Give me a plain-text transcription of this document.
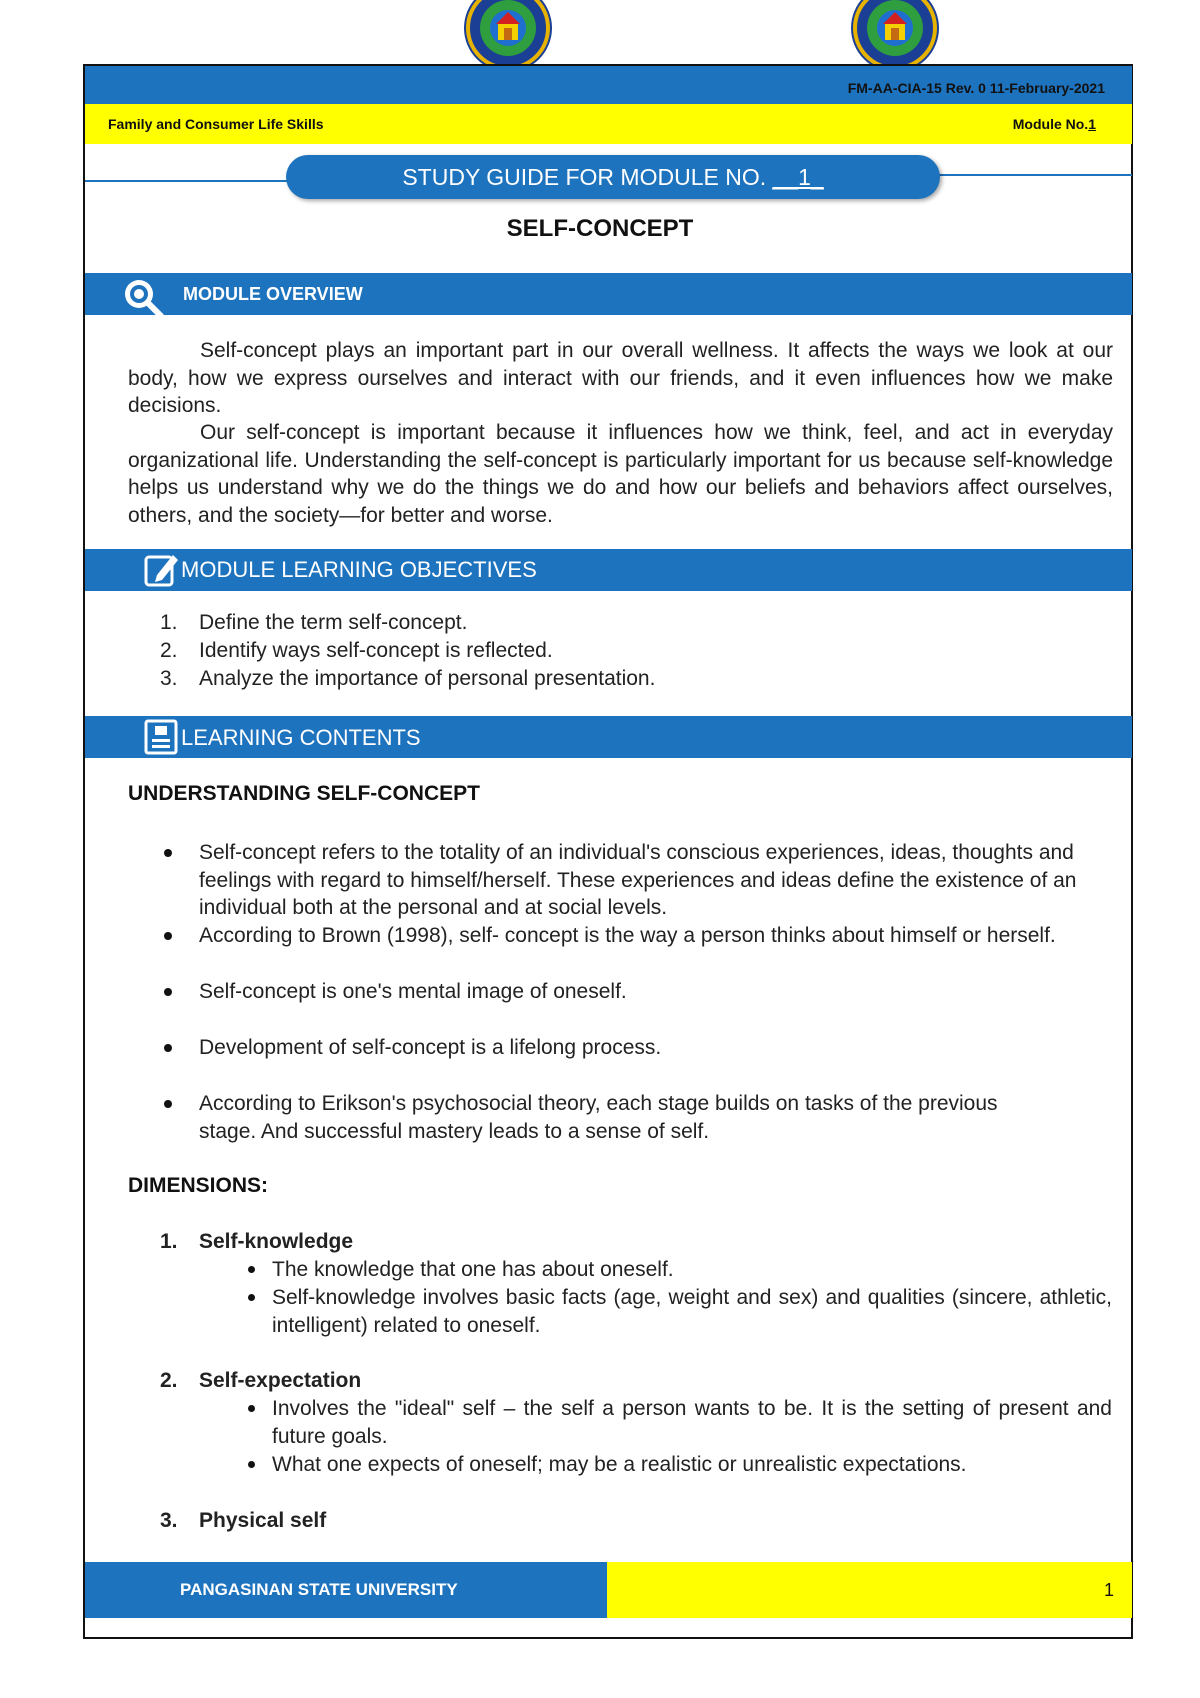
FM-AA-CIA-15 Rev. 0 11-February-2021
Family and Consumer Life Skills	Module No.1
STUDY GUIDE FOR MODULE NO. __1_
SELF-CONCEPT
MODULE OVERVIEW
Self-concept plays an important part in our overall wellness. It affects the ways we look at our body, how we express ourselves and interact with our friends, and it even influences how we make decisions.
Our self-concept is important because it influences how we think, feel, and act in everyday organizational life. Understanding the self-concept is particularly important for us because self-knowledge helps us understand why we do the things we do and how our beliefs and behaviors affect ourselves, others, and the society—for better and worse.
MODULE LEARNING OBJECTIVES
1. Define the term self-concept.
2. Identify ways self-concept is reflected.
3. Analyze the importance of personal presentation.
LEARNING CONTENTS
UNDERSTANDING SELF-CONCEPT
Self-concept refers to the totality of an individual's conscious experiences, ideas, thoughts and feelings with regard to himself/herself. These experiences and ideas define the existence of an individual both at the personal and at social levels.
According to Brown (1998), self- concept is the way a person thinks about himself or herself.
Self-concept is one's mental image of oneself.
Development of self-concept is a lifelong process.
According to Erikson's psychosocial theory, each stage builds on tasks of the previous stage. And successful mastery leads to a sense of self.
DIMENSIONS:
1. Self-knowledge
The knowledge that one has about oneself.
Self-knowledge involves basic facts (age, weight and sex) and qualities (sincere, athletic, intelligent) related to oneself.
2. Self-expectation
Involves the "ideal" self – the self a person wants to be. It is the setting of present and future goals.
What one expects of oneself; may be a realistic or unrealistic expectations.
3. Physical self
PANGASINAN STATE UNIVERSITY	1
